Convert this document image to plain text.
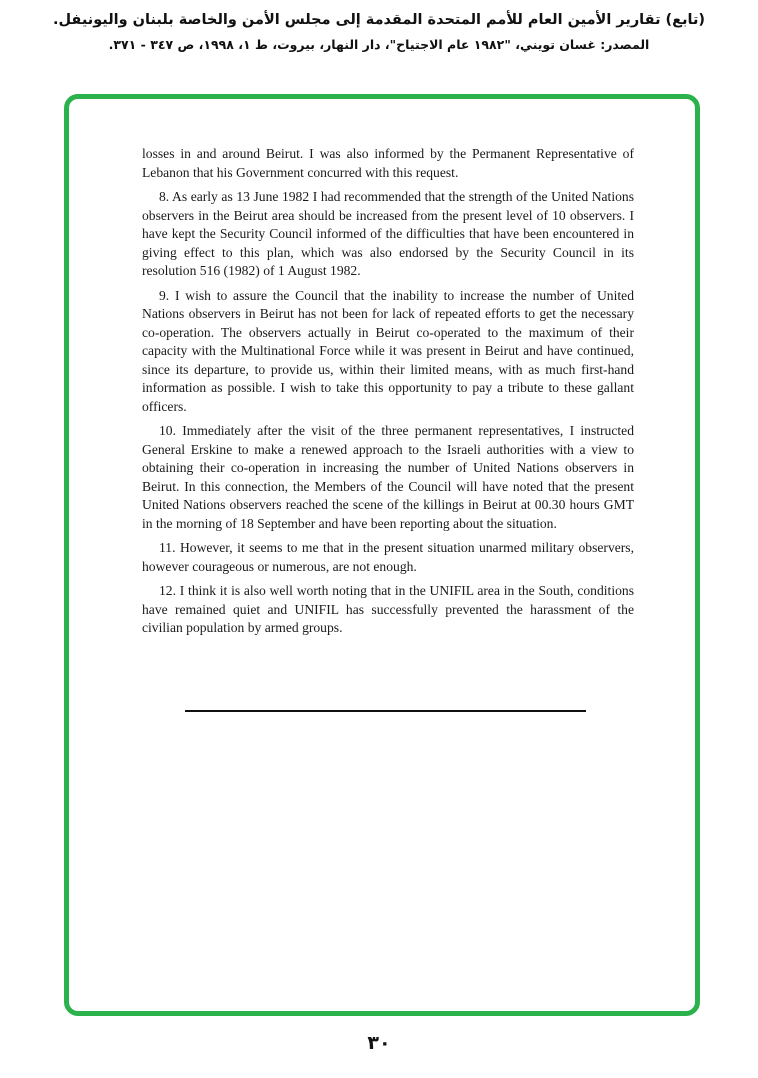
(تابع) تقارير الأمين العام للأمم المتحدة المقدمة إلى مجلس الأمن والخاصة بلبنان واليونيفل.
المصدر: غسان تويني، "١٩٨٢ عام الاجتياح"، دار النهار، بيروت، ط ١، ١٩٩٨، ص ٣٤٧ - ٣٧١.

losses in and around Beirut. I was also informed by the Permanent Representative of Lebanon that his Government concurred with this request.

8. As early as 13 June 1982 I had recommended that the strength of the United Nations observers in the Beirut area should be increased from the present level of 10 observers. I have kept the Security Council informed of the difficulties that have been encountered in giving effect to this plan, which was also endorsed by the Security Council in its resolution 516 (1982) of 1 August 1982.

9. I wish to assure the Council that the inability to increase the number of United Nations observers in Beirut has not been for lack of repeated efforts to get the necessary co-operation. The observers actually in Beirut co-operated to the maximum of their capacity with the Multinational Force while it was present in Beirut and have continued, since its departure, to provide us, within their limited means, with as much first-hand information as possible. I wish to take this opportunity to pay a tribute to these gallant officers.

10. Immediately after the visit of the three permanent representatives, I instructed General Erskine to make a renewed approach to the Israeli authorities with a view to obtaining their co-operation in increasing the number of United Nations observers in Beirut. In this connection, the Members of the Council will have noted that the present United Nations observers reached the scene of the killings in Beirut at 00.30 hours GMT in the morning of 18 September and have been reporting about the situation.

11. However, it seems to me that in the present situation unarmed military observers, however courageous or numerous, are not enough.

12. I think it is also well worth noting that in the UNIFIL area in the South, conditions have remained quiet and UNIFIL has successfully prevented the harassment of the civilian population by armed groups.

٣٠
